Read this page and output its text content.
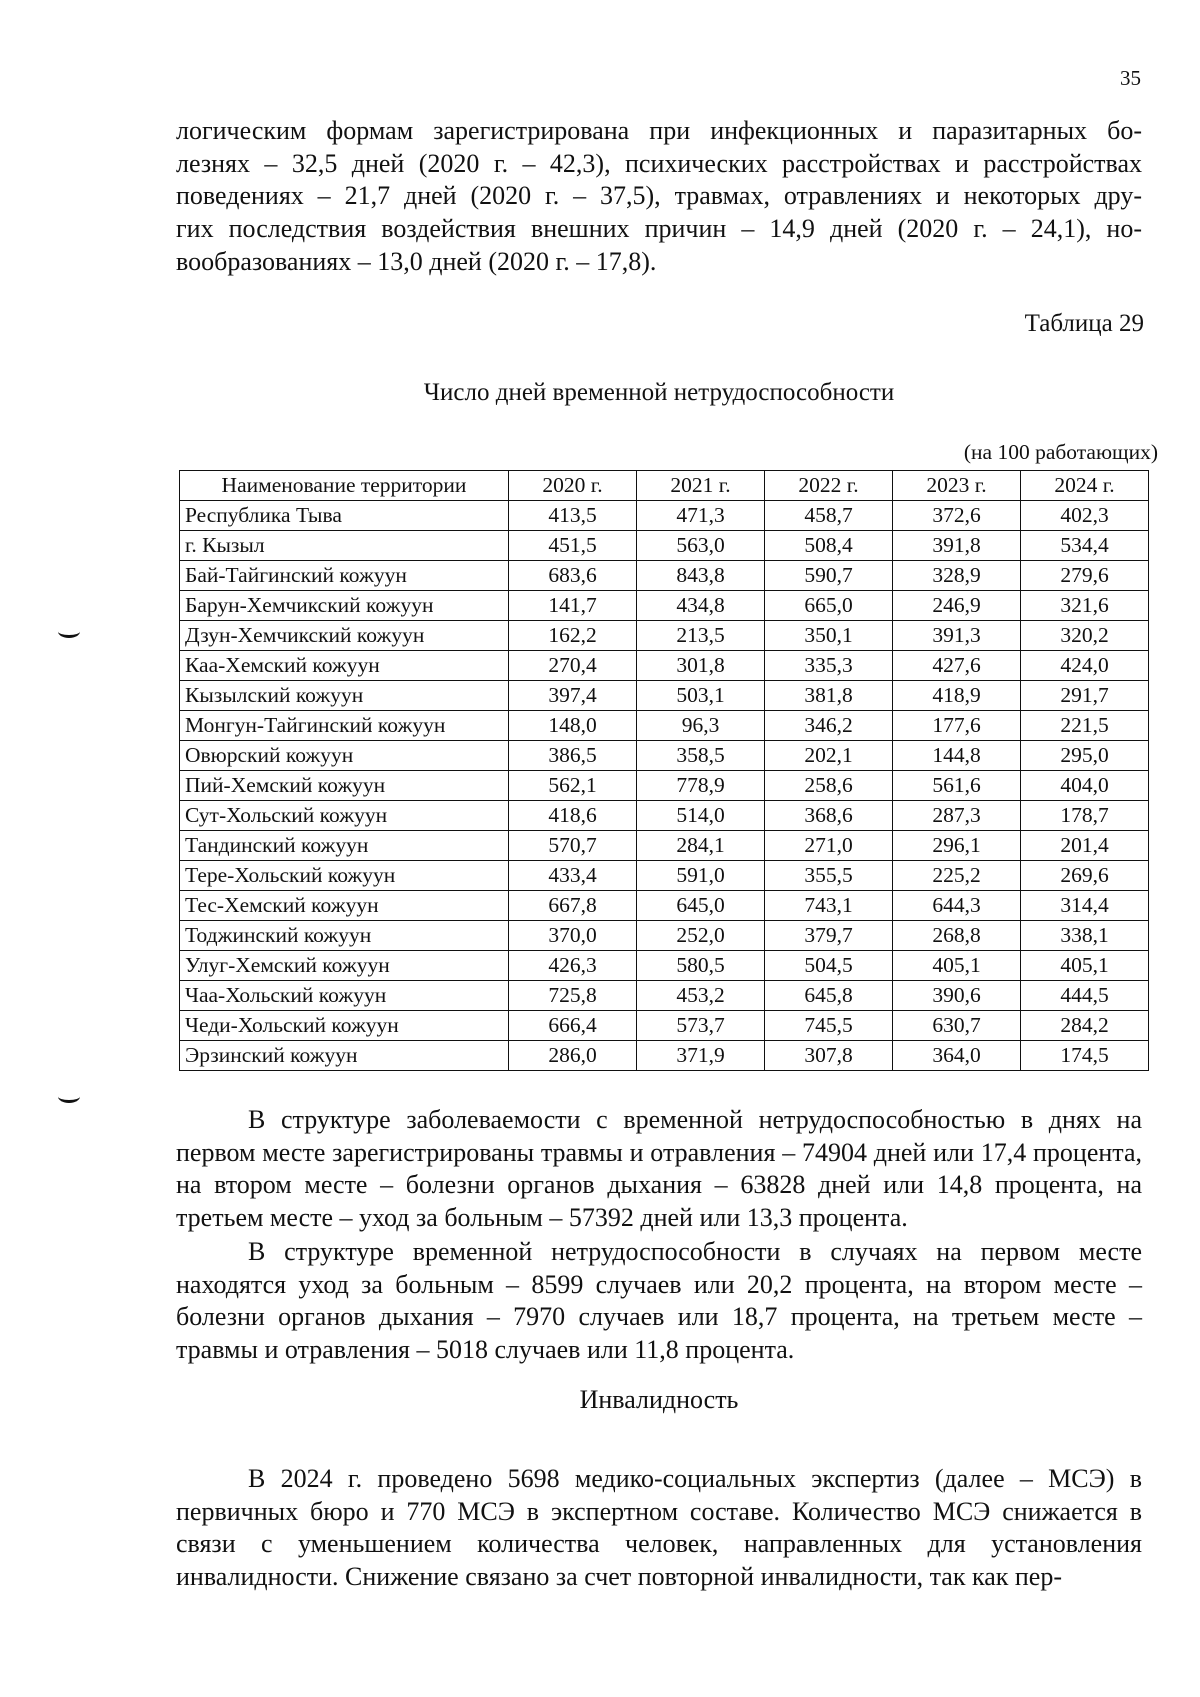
35
логическим формам зарегистрирована при инфекционных и паразитарных бо-
лезнях – 32,5 дней (2020 г. – 42,3), психических расстройствах и расстройствах
поведениях – 21,7 дней (2020 г. – 37,5), травмах, отравлениях и некоторых дру-
гих последствия воздействия внешних причин – 14,9 дней (2020 г. – 24,1), но-
вообразованиях – 13,0 дней (2020 г. – 17,8).
Таблица 29
Число дней временной нетрудоспособности
(на 100 работающих)
Наименование территории	2020 г.	2021 г.	2022 г.	2023 г.	2024 г.
Республика Тыва	413,5	471,3	458,7	372,6	402,3
г. Кызыл	451,5	563,0	508,4	391,8	534,4
Бай-Тайгинский кожуун	683,6	843,8	590,7	328,9	279,6
Барун-Хемчикский кожуун	141,7	434,8	665,0	246,9	321,6
Дзун-Хемчикский кожуун	162,2	213,5	350,1	391,3	320,2
Каа-Хемский кожуун	270,4	301,8	335,3	427,6	424,0
Кызылский кожуун	397,4	503,1	381,8	418,9	291,7
Монгун-Тайгинский кожуун	148,0	96,3	346,2	177,6	221,5
Овюрский кожуун	386,5	358,5	202,1	144,8	295,0
Пий-Хемский кожуун	562,1	778,9	258,6	561,6	404,0
Сут-Хольский кожуун	418,6	514,0	368,6	287,3	178,7
Тандинский кожуун	570,7	284,1	271,0	296,1	201,4
Тере-Хольский кожуун	433,4	591,0	355,5	225,2	269,6
Тес-Хемский кожуун	667,8	645,0	743,1	644,3	314,4
Тоджинский кожуун	370,0	252,0	379,7	268,8	338,1
Улуг-Хемский кожуун	426,3	580,5	504,5	405,1	405,1
Чаа-Хольский кожуун	725,8	453,2	645,8	390,6	444,5
Чеди-Хольский кожуун	666,4	573,7	745,5	630,7	284,2
Эрзинский кожуун	286,0	371,9	307,8	364,0	174,5
В структуре заболеваемости с временной нетрудоспособностью в днях на первом месте зарегистрированы травмы и отравления – 74904 дней или 17,4 процента, на втором месте – болезни органов дыхания – 63828 дней или 14,8 процента, на третьем месте – уход за больным – 57392 дней или 13,3 процента.
В структуре временной нетрудоспособности в случаях на первом месте находятся уход за больным – 8599 случаев или 20,2 процента, на втором месте – болезни органов дыхания – 7970 случаев или 18,7 процента, на третьем месте – травмы и отравления – 5018 случаев или 11,8 процента.
Инвалидность
В 2024 г. проведено 5698 медико-социальных экспертиз (далее – МСЭ) в первичных бюро и 770 МСЭ в экспертном составе. Количество МСЭ снижается в связи с уменьшением количества человек, направленных для установления инвалидности. Снижение связано за счет повторной инвалидности, так как пер-
